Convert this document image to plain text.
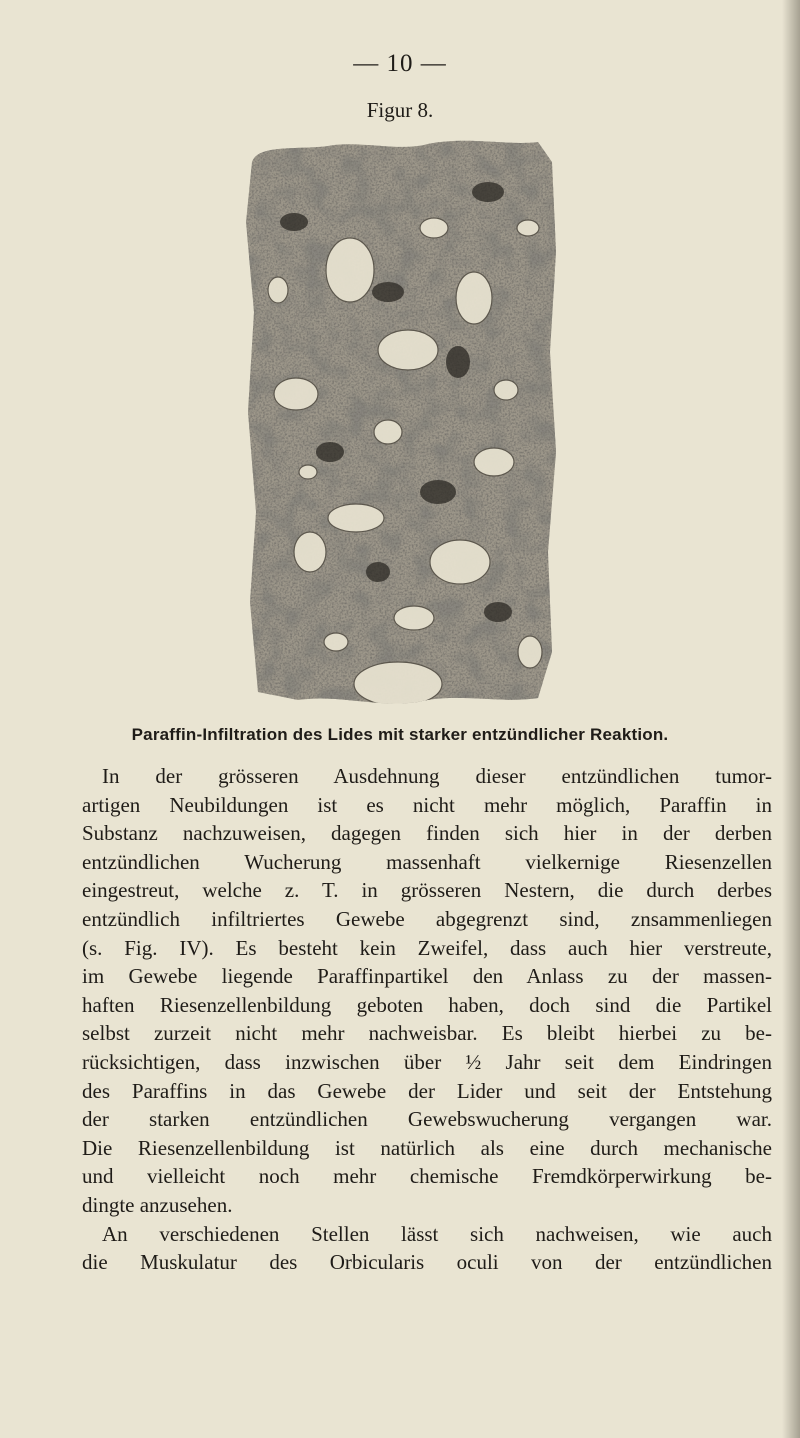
— 10 —
Figur 8.
Paraffin-Infiltration des Lides mit starker entzündlicher Reaktion.
In der grösseren Ausdehnung dieser entzündlichen tumor-
artigen Neubildungen ist es nicht mehr möglich, Paraffin in
Substanz nachzuweisen, dagegen finden sich hier in der derben
entzündlichen Wucherung massenhaft vielkernige Riesenzellen
eingestreut, welche z. T. in grösseren Nestern, die durch derbes
entzündlich infiltriertes Gewebe abgegrenzt sind, znsammenliegen
(s. Fig. IV). Es besteht kein Zweifel, dass auch hier verstreute,
im Gewebe liegende Paraffinpartikel den Anlass zu der massen-
haften Riesenzellenbildung geboten haben, doch sind die Partikel
selbst zurzeit nicht mehr nachweisbar. Es bleibt hierbei zu be-
rücksichtigen, dass inzwischen über ½ Jahr seit dem Eindringen
des Paraffins in das Gewebe der Lider und seit der Entstehung
der starken entzündlichen Gewebswucherung vergangen war.
Die Riesenzellenbildung ist natürlich als eine durch mechanische
und vielleicht noch mehr chemische Fremdkörperwirkung be-
dingte anzusehen.
An verschiedenen Stellen lässt sich nachweisen, wie auch
die Muskulatur des Orbicularis oculi von der entzündlichen
